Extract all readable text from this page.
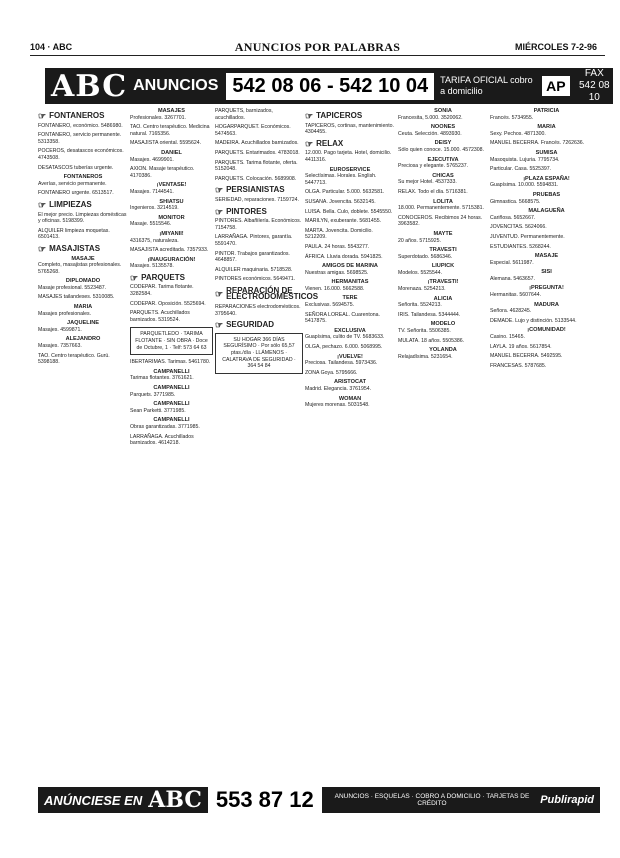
104 · ABC	ANUNCIOS POR PALABRAS	MIÉRCOLES 7-2-96
ABC ANUNCIOS 542 08 06 - 542 10 04	TARIFA OFICIAL cobro a domicilio	AP
FAX 542 08 10
☞ FONTANEROS
FONTANERO, económico. 5486980.
FONTANERO, servicio permanente. 5313358.
POCEROS, desatascos económicos. 4743508.
DESATASCOS tuberías urgente.
FONTANEROS
Averías, servicio permanente.
FONTANERO urgente. 6513517.
☞ LIMPIEZAS
El mejor precio. Limpiezas domésticas y oficinas. 5198399.
ALQUILER limpieza moquetas. 6501413.
☞ MASAJISTAS
MASAJE
Completo, masajistas profesionales. 5765268.
DIPLOMADO
Masaje profesional. 5523487.
MASAJES tailandeses. 5310085.
MARIA
Masajes profesionales.
JAQUELINE
Masajes. 4599871.
ALEJANDRO
Masajes. 7357663.
TAO. Centro terapéutico. Gurú. 5398188.
MASAJES
Profesionales. 3267701.
TAO. Centro terapéutico. Medicina natural. 7165356.
MASAJISTA oriental. 5595624.
DANIEL
Masajes. 4699901.
AXION. Masaje terapéutico. 4170386.
¡VENTASE!
Masajes. 7144541.
SHIATSU
Ingenieros. 3214519.
MONITOR
Masaje. 5515546.
¡MIYANII!
4316375, naturaleza.
MASAJISTA acreditada. 7357933.
¡INAUGURACIÓN!
Masajes. 5135578.
☞ PARQUETS
CODEPAR. Tarima flotante. 3282584.
CODEPAR. Oposición. 5525694.
PARQUETS. Acuchillados barnizados. 5319524.
PARQUETLEDO · TARIMA FLOTANTE · SIN OBRA · Doce de Octubre, 1 · Telf: 573 64 63
IBERTARIMAS. Tarimas. 5461780.
CAMPANELLI
Tarimas flotantes. 3761621.
CAMPANELLI
Parquets. 3771985.
CAMPANELLI
Sean Parketti. 3771985.
CAMPANELLI
Obras garantizadas. 3771985.
LARRAÑAGA. Acuchillados barnizados. 4614218.
PARQUETS, barnizados, acuchillados.
HOGARPARQUET. Económicos. 5474563.
MADEIRA. Acuchillados barnizados.
PARQUETS. Entarimados. 4783018.
PARQUETS. Tarima flotante, oferta. 5152048.
PARQUETS. Colocación. 5689908.
☞ PERSIANISTAS
SERIEDAD, reparaciones. 7159724.
☞ PINTORES
PINTORES. Albañilería. Económicos. 7154758.
LARRAÑAGA. Pintores, garantía. 5591470.
PINTOR. Trabajos garantizados. 4648857.
ALQUILER maquinaria. 5718528.
PINTORES económicos. 5649471.
☞ REPARACIÓN DE ELECTRODOMÉSTICOS
REPARACIONES electrodomésticos. 3795640.
☞ SEGURIDAD
SU HOGAR 366 DÍAS SEGURÍSIMO · Por sólo 65,57 ptas./día · LLÁMENOS · CALATRAVA DE SEGURIDAD · 364 54 84
☞ TAPICEROS
TAPICEROS, cortinas, mantenimiento. 4304455.
☞ RELAX
12.000. Pago tarjeta. Hotel, domicilio. 4411316.
EUROSERVICE
Selectísimas. Horales. English. 5447713.
OLGA. Particular. 5.000. 5632581.
SUSANA. Jovencita. 5632145.
LUISA. Bella. Culo, doblete. 5545550.
MARILYN, exuberante. 5681455.
MARTA. Jovencita. Domicilio. 5212209.
PAULA. 24 horas. 5543277.
ÁFRICA. Lluvia dorada. 5941825.
AMIGOS DE MARINA
Nuestras amigas. 5698525.
HERMANITAS
Vienen. 16.000. 5662588.
TERE
Exclusivas. 5694575.
SEÑORA LOREAL. Cuarentona. 5417875.
EXCLUSIVA
Guapísima, culito de TV. 5683633.
OLGA, pechazo. 6.000. 5068995.
¡VUELVE!
Preciosa. Tailandesa. 5973436.
ZONA Goya. 5795666.
ARISTOCAT
Madrid. Elegancia. 3761954.
WOMAN
Mujeres morenas. 5031548.
SONIA
Francesita, 5.000. 3520062.
NOONES
Ceuta. Selección. 4893930.
DEISY
Sólo quien conoce. 15.000. 4572308.
EJECUTIVA
Preciosa y elegante. 5765237.
CHICAS
Su mejor Hotel. 4537333.
RELAX. Todo el día. 5716381.
LOLITA
18.000. Permanentemente. 5715381.
CONOCEROS. Recibimos 24 horas. 3963582.
MAYTE
20 años. 5715925.
TRAVESTI
Superdotado. 5686346.
LIUPICK
Modelos. 5525544.
¡TRAVESTI!
Morenaza. 5254213.
ALICIA
Señorita. 5524213.
IRIS. Tailandesa. 5344444.
MODELO
TV. Señorita. 5506385.
MULATA. 18 años. 5505386.
YOLANDA
Relajadísima. 5231654.
PATRICIA
Francés. 5734955.
MARIA
Sexy. Pechos. 4871300.
MANUEL BECERRA. Francés. 7262636.
SUMISA
Masoquista. Lujuria. 7795734.
Particular. Casa. 5525397.
¡PLAZA ESPAÑA!
Guapísima. 10.000. 5594831.
PRUEBAS
Gimnastica. 5668575.
MALAGUEÑA
Cariñosa. 5652667.
JOVENCITAS. 5624066.
JUVENTUD. Permanentemente.
ESTUDIANTES. 5268244.
MASAJE
Especial. 5611987.
SISI
Alemana. 5463657.
¡PREGUNTA!
Hermanitas. 5607644.
MADURA
Señora. 4628245.
DEMADE. Lujo y distinción. 5133544.
¡COMUNIDAD!
Casino. 15465.
LAYLA. 19 años. 5617854.
MANUEL BECERRA. 5492595.
FRANCESAS. 5787685.
ANÚNCIESE EN ABC 553 87 12	ANUNCIOS · ESQUELAS · COBRO A DOMICILIO · TARJETAS DE CRÉDITO	Publirapid
